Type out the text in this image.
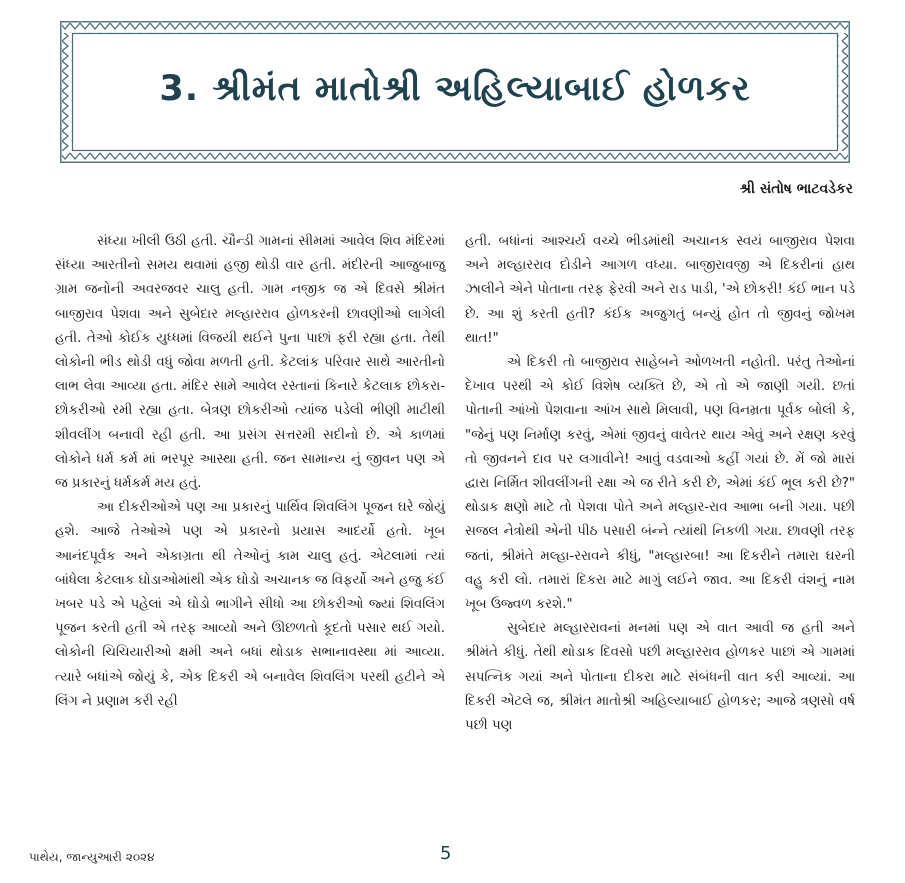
3. શ્રીમંત માતોશ્રી અહિલ્યાબાઈ હોળકર
શ્રી સંતોષ ભાટવડેકર

સંધ્યા ખીલી ઉઠી હતી. ચૌન્ડી ગામનાં સીમમાં આવેલ શિવ મંદિરમાં સંધ્યા આરતીનો સમય થવામાં હજી થોડી વાર હતી. મંદીરની આજુબાજુ ગ્રામ જનોની અવરજવર ચાલુ હતી. ગામ નજીક જ એ દિવસે શ્રીમંત બાજીરાવ પેશવા અને સુબેદાર મલ્હારરાવ હોળકરની છાવણીઓ લાગેલી હતી. તેઓ કોઈક યુધ્ધમાં વિજયી થઈને પુના પાછાં ફરી રહ્યા હતા. તેથી લોકોની ભીડ થોડી વધું જોવા મળતી હતી. કેટલાંક પરિવાર સાથે આરતીનો લાભ લેવા આવ્યા હતા. મંદિર સામે આવેલ રસ્તાનાં કિનારે કેટલાક છોકરા-છોકરીઓ રમી રહ્યા હતા. બેત્રણ છોકરીઓ ત્યાંજ પડેલી ભીણી માટીથી શીવલીંગ બનાવી રહી હતી. આ પ્રસંગ સત્તરમી સદીનો છે. એ કાળમાં લોકોને ધર્મ કર્મ માં ભરપૂર આસ્થા હતી. જન સામાન્ય નું જીવન પણ એ જ પ્રકારનું ધર્મકર્મ મય હતું.

આ દીકરીઓએ પણ આ પ્રકારનું પાર્થિવ શિવલિંગ પૂજન ઘરે જોયું હશે. આજે તેઓએ પણ એ પ્રકારનો પ્રયાસ આદર્યો હતો. ખૂબ આનંદપૂર્વક અને એકાગ્રતા થી તેઓનું કામ ચાલુ હતું. એટલામાં ત્યાં બાંધેલા કેટલાક ઘોડાઓમાંથી એક ઘોડો અચાનક જ વિફર્યો અને હજુ કંઈ ખબર પડે એ પહેલાં એ ઘોડો ભાગીને સીધો આ છોકરીઓ જ્યાં શિવલિંગ પૂજન કરતી હતી એ તરફ આવ્યો અને ઊછળતો કૂદતો પસાર થઈ ગયો. લોકોની ચિચિયારીઓ ક્ષમી અને બધાં થોડાક સભાનાવસ્થા માં આવ્યા. ત્યારે બધાંએ જોયું કે, એક દિકરી એ બનાવેલ શિવલિંગ પરથી હટીને એ લિંગ ને પ્રણામ કરી રહી

હતી. બધાંનાં આશ્ચર્ય વચ્ચે ભીડમાંથી અચાનક સ્વયં બાજીરાવ પેશવા અને મલ્હારરાવ દોડીને આગળ વધ્યા. બાજીરાવજી એ દિકરીનાં હાથ ઝાલીને એને પોતાના તરફ ફેરવી અને રાડ પાડી, 'એ છોકરી! કંઈ ભાન પડે છે. આ શું કરતી હતી? કંઈક અજુગતું બન્યું હોત તો જીવનું જોખમ થાત!"

એ દિકરી તો બાજીરાવ સાહેબને ઓળખતી નહોતી. પરંતુ તેઓનાં દેખાવ પરથી એ કોઈ વિશેષ વ્યક્તિ છે, એ તો એ જાણી ગયી. છતાં પોતાની આંખો પેશવાના આંખ સાથે મિલાવી, પણ વિનમ્રતા પૂર્વક બોલી કે, "જેનું પણ નિર્માણ કરવું, એમાં જીવનું વાવેતર થાય એવું અને રક્ષણ કરવું તો જીવનને દાવ પર લગાવીને! આવું વડવાઓ કહીં ગયાં છે. મેં જો મારાં દ્વારા નિર્મિત શીવલીંગની રક્ષા એ જ રીતે કરી છે, એમાં કંઈ ભૂલ કરી છે?" થોડાક ક્ષણો માટે તો પેશવા પોતે અને મલ્હાર-રાવ આભા બની ગયા. પછી સજલ નેત્રોથી એની પીઠ પસારી બંન્ને ત્યાંથી નિકળી ગયા. છાવણી તરફ જતાં, શ્રીમંતે મલ્હા-રરાવને કીધું, "મલ્હારબા! આ દિકરીને તમારા ઘરની વહુ કરી લો. તમારાં દિકરા માટે માગું લઈને જાવ. આ દિકરી વંશનું નામ ખૂબ ઉજ્વળ કરશે."

સુબેદાર મલ્હારરાવનાં મનમાં પણ એ વાત આવી જ હતી અને શ્રીમંતે કીધું. તેથી થોડાક દિવસો પછી મલ્હારરાવ હોળકર પાછાં એ ગામમાં સપત્નિક ગયાં અને પોતાના દીકરા માટે સંબંધની વાત કરી આવ્યાં. આ દિકરી એટલે જ, શ્રીમંત માતોશ્રી અહિલ્યાબાઈ હોળકર; આજે ત્રણસો વર્ષ પછી પણ

પાથેય, જાન્યુઆરી ૨૦૨૪	5
